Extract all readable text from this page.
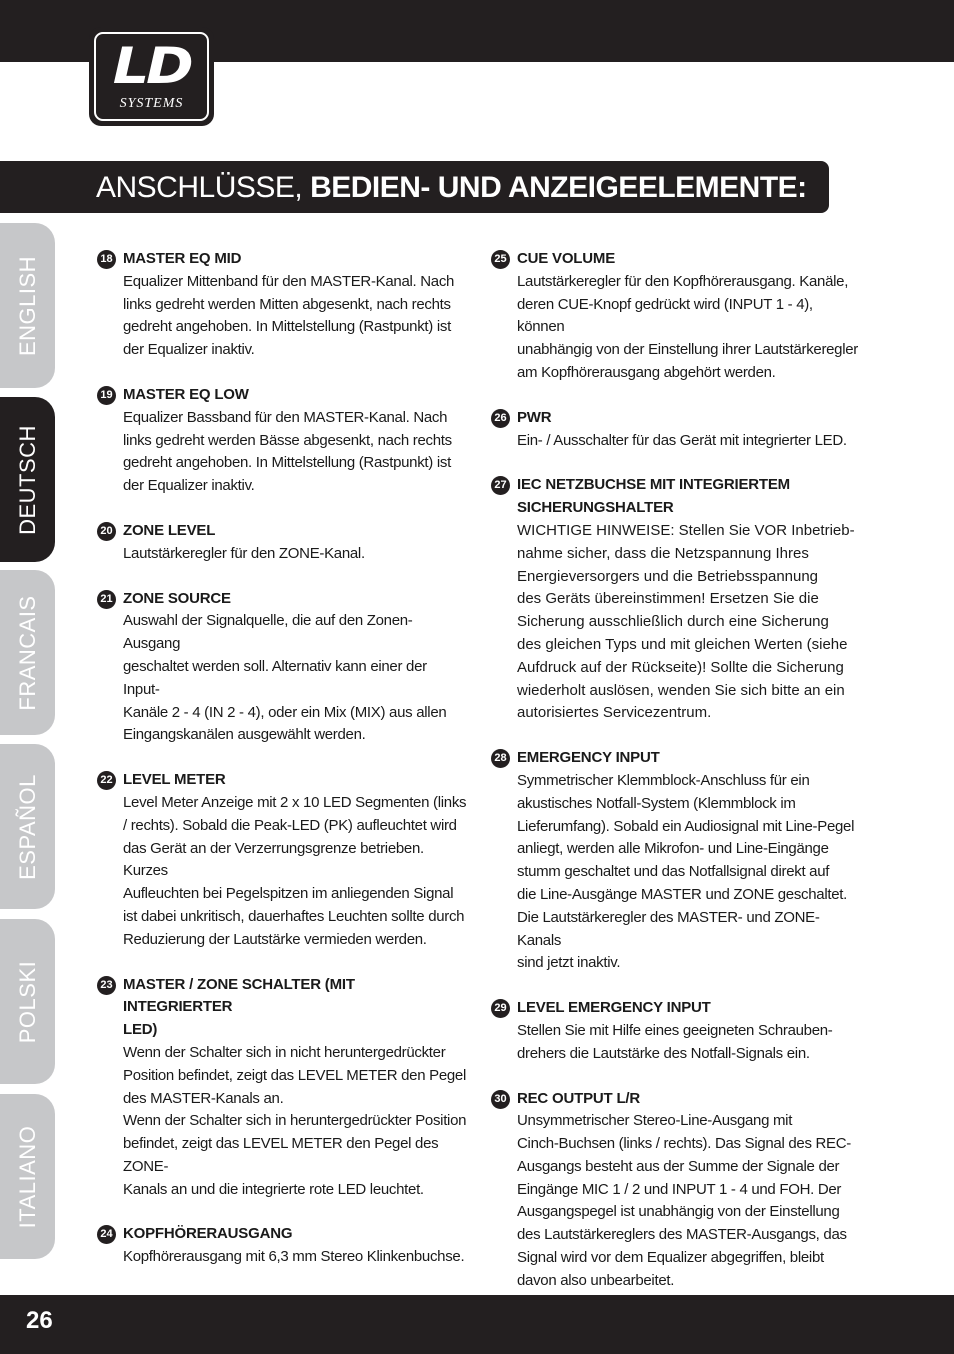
LD
SYSTEMS
ANSCHLÜSSE, BEDIEN- UND ANZEIGEELEMENTE:
ENGLISH
DEUTSCH
FRANCAIS
ESPAÑOL
POLSKI
ITALIANO
18 MASTER EQ MID
Equalizer Mittenband für den MASTER-Kanal. Nach
links gedreht werden Mitten abgesenkt, nach rechts
gedreht angehoben. In Mittelstellung (Rastpunkt) ist
der Equalizer inaktiv.
19 MASTER EQ LOW
Equalizer Bassband für den MASTER-Kanal. Nach
links gedreht werden Bässe abgesenkt, nach rechts
gedreht angehoben. In Mittelstellung (Rastpunkt) ist
der Equalizer inaktiv.
20 ZONE LEVEL
Lautstärkeregler für den ZONE-Kanal.
21 ZONE SOURCE
Auswahl der Signalquelle, die auf den Zonen-Ausgang
geschaltet werden soll. Alternativ kann einer der Input-
Kanäle 2 - 4 (IN 2 - 4), oder ein Mix (MIX) aus allen
Eingangskanälen ausgewählt werden.
22 LEVEL METER
Level Meter Anzeige mit 2 x 10 LED Segmenten (links
/ rechts). Sobald die Peak-LED (PK) aufleuchtet wird
das Gerät an der Verzerrungsgrenze betrieben. Kurzes
Aufleuchten bei Pegelspitzen im anliegenden Signal
ist dabei unkritisch, dauerhaftes Leuchten sollte durch
Reduzierung der Lautstärke vermieden werden.
23 MASTER / ZONE SCHALTER (MIT INTEGRIERTER
LED)
Wenn der Schalter sich in nicht heruntergedrückter
Position befindet, zeigt das LEVEL METER den Pegel
des MASTER-Kanals an.
Wenn der Schalter sich in heruntergedrückter Position
befindet, zeigt das LEVEL METER den Pegel des ZONE-
Kanals an und die integrierte rote LED leuchtet.
24 KOPFHÖRERAUSGANG
Kopfhörerausgang mit 6,3 mm Stereo Klinkenbuchse.
25 CUE VOLUME
Lautstärkeregler für den Kopfhörerausgang. Kanäle,
deren CUE-Knopf gedrückt wird (INPUT 1 - 4), können
unabhängig von der Einstellung ihrer Lautstärkeregler
am Kopfhörerausgang abgehört werden.
26 PWR
Ein- / Ausschalter für das Gerät mit integrierter LED.
27 IEC NETZBUCHSE MIT INTEGRIERTEM
SICHERUNGSHALTER
WICHTIGE HINWEISE: Stellen Sie VOR Inbetrieb-
nahme sicher, dass die Netzspannung Ihres
Energieversorgers und die Betriebsspannung
des Geräts übereinstimmen! Ersetzen Sie die
Sicherung ausschließlich durch eine Sicherung
des gleichen Typs und mit gleichen Werten (siehe
Aufdruck auf der Rückseite)! Sollte die Sicherung
wiederholt auslösen, wenden Sie sich bitte an ein
autorisiertes Servicezentrum.
28 EMERGENCY INPUT
Symmetrischer Klemmblock-Anschluss für ein
akustisches Notfall-System (Klemmblock im
Lieferumfang). Sobald ein Audiosignal mit Line-Pegel
anliegt, werden alle Mikrofon- und Line-Eingänge
stumm geschaltet und das Notfallsignal direkt auf
die Line-Ausgänge MASTER und ZONE geschaltet.
Die Lautstärkeregler des MASTER- und ZONE-Kanals
sind jetzt inaktiv.
29 LEVEL EMERGENCY INPUT
Stellen Sie mit Hilfe eines geeigneten Schrauben-
drehers die Lautstärke des Notfall-Signals ein.
30 REC OUTPUT L/R
Unsymmetrischer Stereo-Line-Ausgang mit
Cinch-Buchsen (links / rechts). Das Signal des REC-
Ausgangs besteht aus der Summe der Signale der
Eingänge MIC 1 / 2 und INPUT 1 - 4 und FOH. Der
Ausgangspegel ist unabhängig von der Einstellung
des Lautstärkereglers des MASTER-Ausgangs, das
Signal wird vor dem Equalizer abgegriffen, bleibt
davon also unbearbeitet.
26
